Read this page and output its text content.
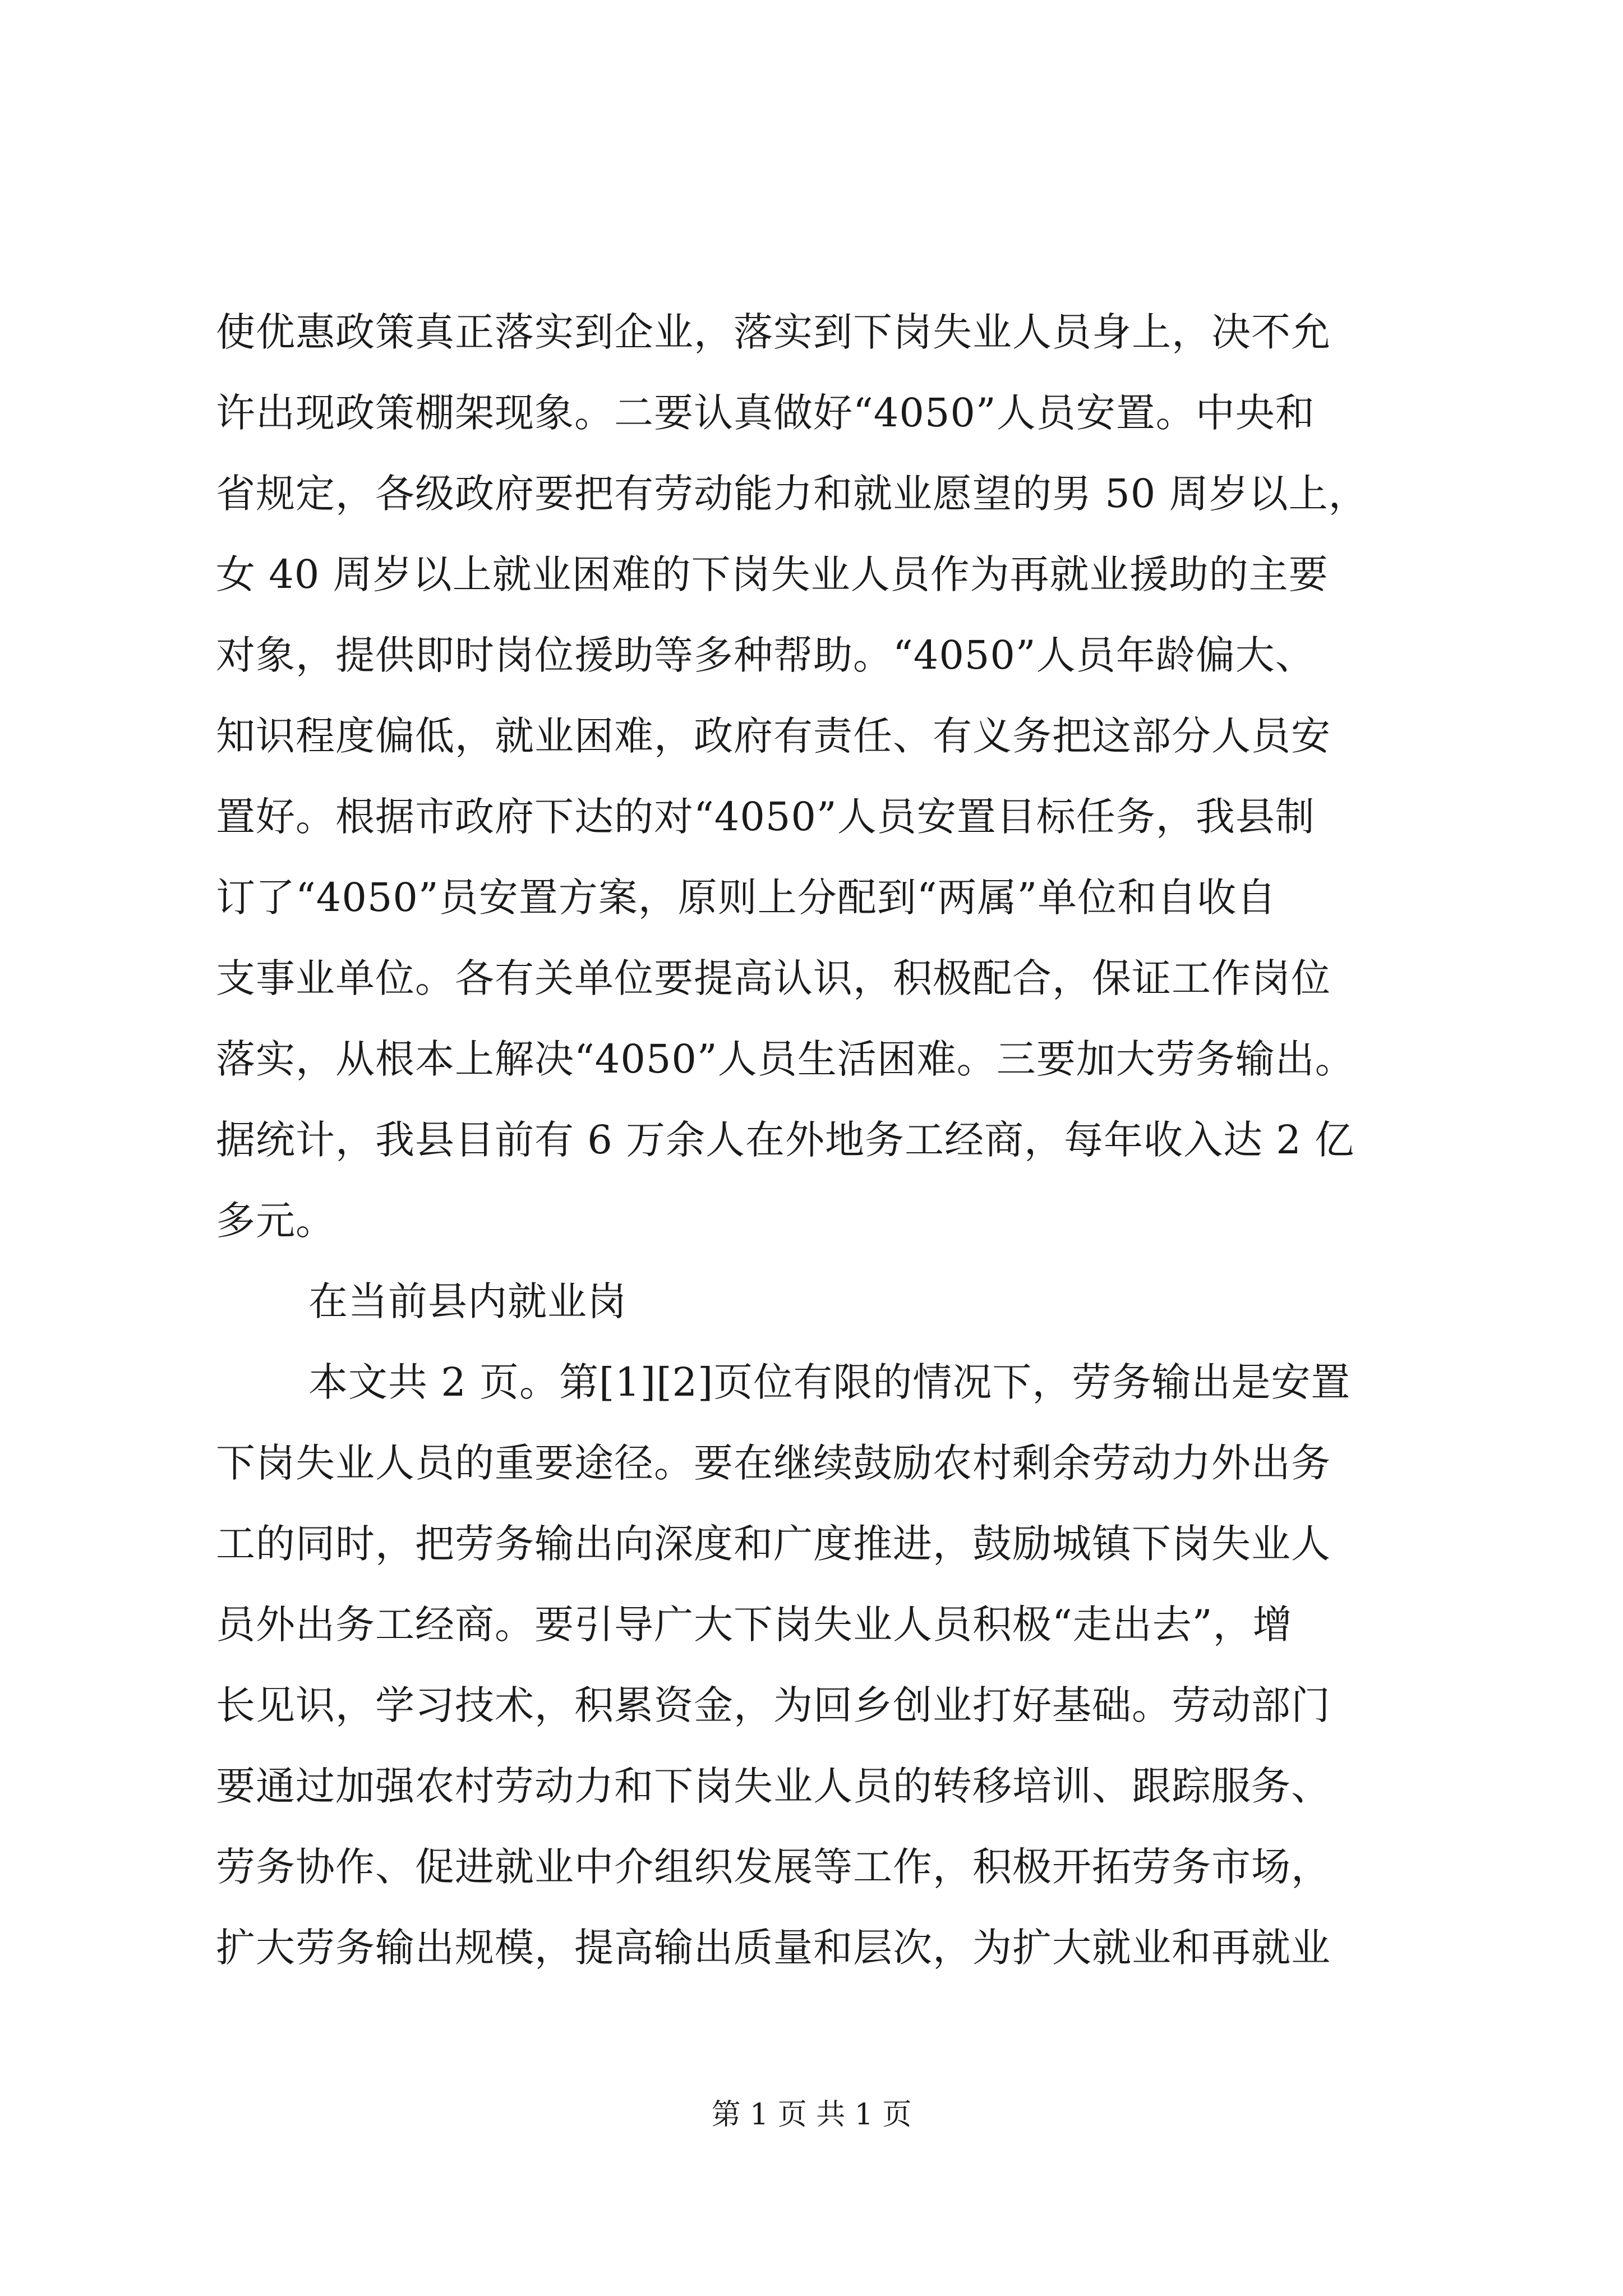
使优惠政策真正落实到企业，落实到下岗失业人员身上，决不允
许出现政策棚架现象。二要认真做好“4050”人员安置。中央和
省规定，各级政府要把有劳动能力和就业愿望的男 50 周岁以上，
女 40 周岁以上就业困难的下岗失业人员作为再就业援助的主要
对象，提供即时岗位援助等多种帮助。“4050”人员年龄偏大、
知识程度偏低，就业困难，政府有责任、有义务把这部分人员安
置好。根据市政府下达的对“4050”人员安置目标任务，我县制
订了“4050”员安置方案，原则上分配到“两属”单位和自收自
支事业单位。各有关单位要提高认识，积极配合，保证工作岗位
落实，从根本上解决“4050”人员生活困难。三要加大劳务输出。
据统计，我县目前有 6 万余人在外地务工经商，每年收入达 2 亿
多元。
在当前县内就业岗
本文共 2 页。第[1][2]页位有限的情况下，劳务输出是安置
下岗失业人员的重要途径。要在继续鼓励农村剩余劳动力外出务
工的同时，把劳务输出向深度和广度推进，鼓励城镇下岗失业人
员外出务工经商。要引导广大下岗失业人员积极“走出去”，增
长见识，学习技术，积累资金，为回乡创业打好基础。劳动部门
要通过加强农村劳动力和下岗失业人员的转移培训、跟踪服务、
劳务协作、促进就业中介组织发展等工作，积极开拓劳务市场，
扩大劳务输出规模，提高输出质量和层次，为扩大就业和再就业
第 1 页 共 1 页
